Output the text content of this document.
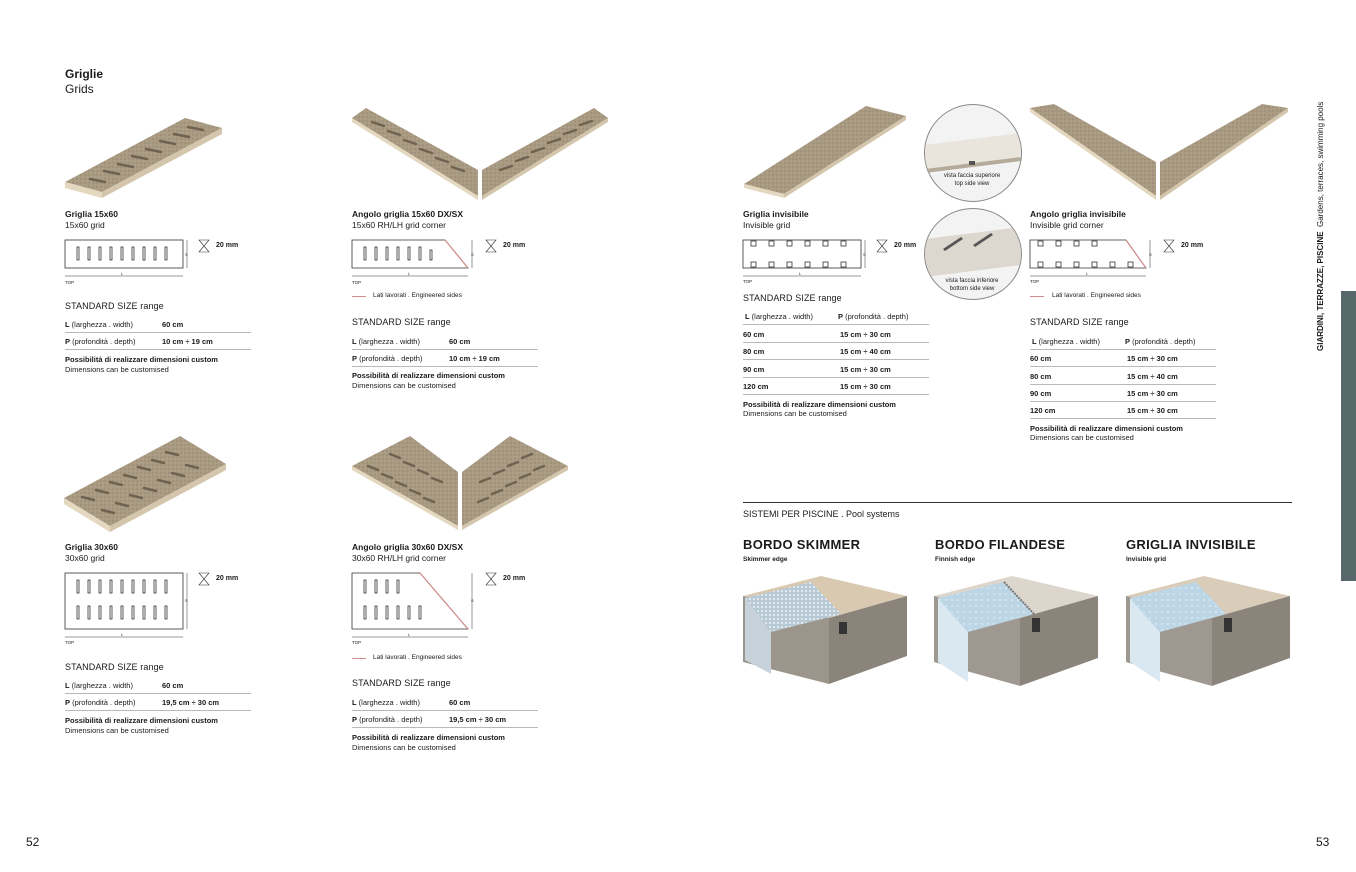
Griglie
Grids
Griglia 15x60
15x60 grid
TOP
L
S
20 mm
STANDARD SIZE range
L (larghezza . width)	60 cm
P (profondità . depth)	10 cm ÷ 19 cm
Possibilità di realizzare dimensioni custom
Dimensions can be customised
Angolo griglia 15x60 DX/SX
15x60 RH/LH grid corner
TOP
L
S
20 mm
Lati lavorati . Engineered sides
STANDARD SIZE range
L (larghezza . width)	60 cm
P (profondità . depth)	10 cm ÷ 19 cm
Possibilità di realizzare dimensioni custom
Dimensions can be customised
Griglia 30x60
30x60 grid
TOP
L
S
20 mm
STANDARD SIZE range
L (larghezza . width)	60 cm
P (profondità . depth)	19,5 cm ÷ 30 cm
Possibilità di realizzare dimensioni custom
Dimensions can be customised
Angolo griglia 30x60 DX/SX
30x60 RH/LH grid corner
TOP
L
S
20 mm
Lati lavorati . Engineered sides
STANDARD SIZE range
L (larghezza . width)	60 cm
P (profondità . depth)	19,5 cm ÷ 30 cm
Possibilità di realizzare dimensioni custom
Dimensions can be customised
vista faccia superiore
top side view
vista faccia inferiore
bottom side view
Griglia invisibile
Invisible grid
TOP
L
S
20 mm
STANDARD SIZE range
L (larghezza . width)	P (profondità . depth)
60 cm	15 cm ÷ 30 cm
80 cm	15 cm ÷ 40 cm
90 cm	15 cm ÷ 30 cm
120 cm	15 cm ÷ 30 cm
Possibilità di realizzare dimensioni custom
Dimensions can be customised
Angolo griglia invisibile
Invisible grid corner
TOP
L
S
20 mm
Lati lavorati . Engineered sides
STANDARD SIZE range
L (larghezza . width)	P (profondità . depth)
60 cm	15 cm ÷ 30 cm
80 cm	15 cm ÷ 40 cm
90 cm	15 cm ÷ 30 cm
120 cm	15 cm ÷ 30 cm
Possibilità di realizzare dimensioni custom
Dimensions can be customised
SISTEMI PER PISCINE . Pool systems
BORDO SKIMMER
Skimmer edge
BORDO FILANDESE
Finnish edge
GRIGLIA INVISIBILE
Invisible grid
GIARDINI, TERRAZZE, PISCINE  Gardens, terraces, swimming pools
52	53
